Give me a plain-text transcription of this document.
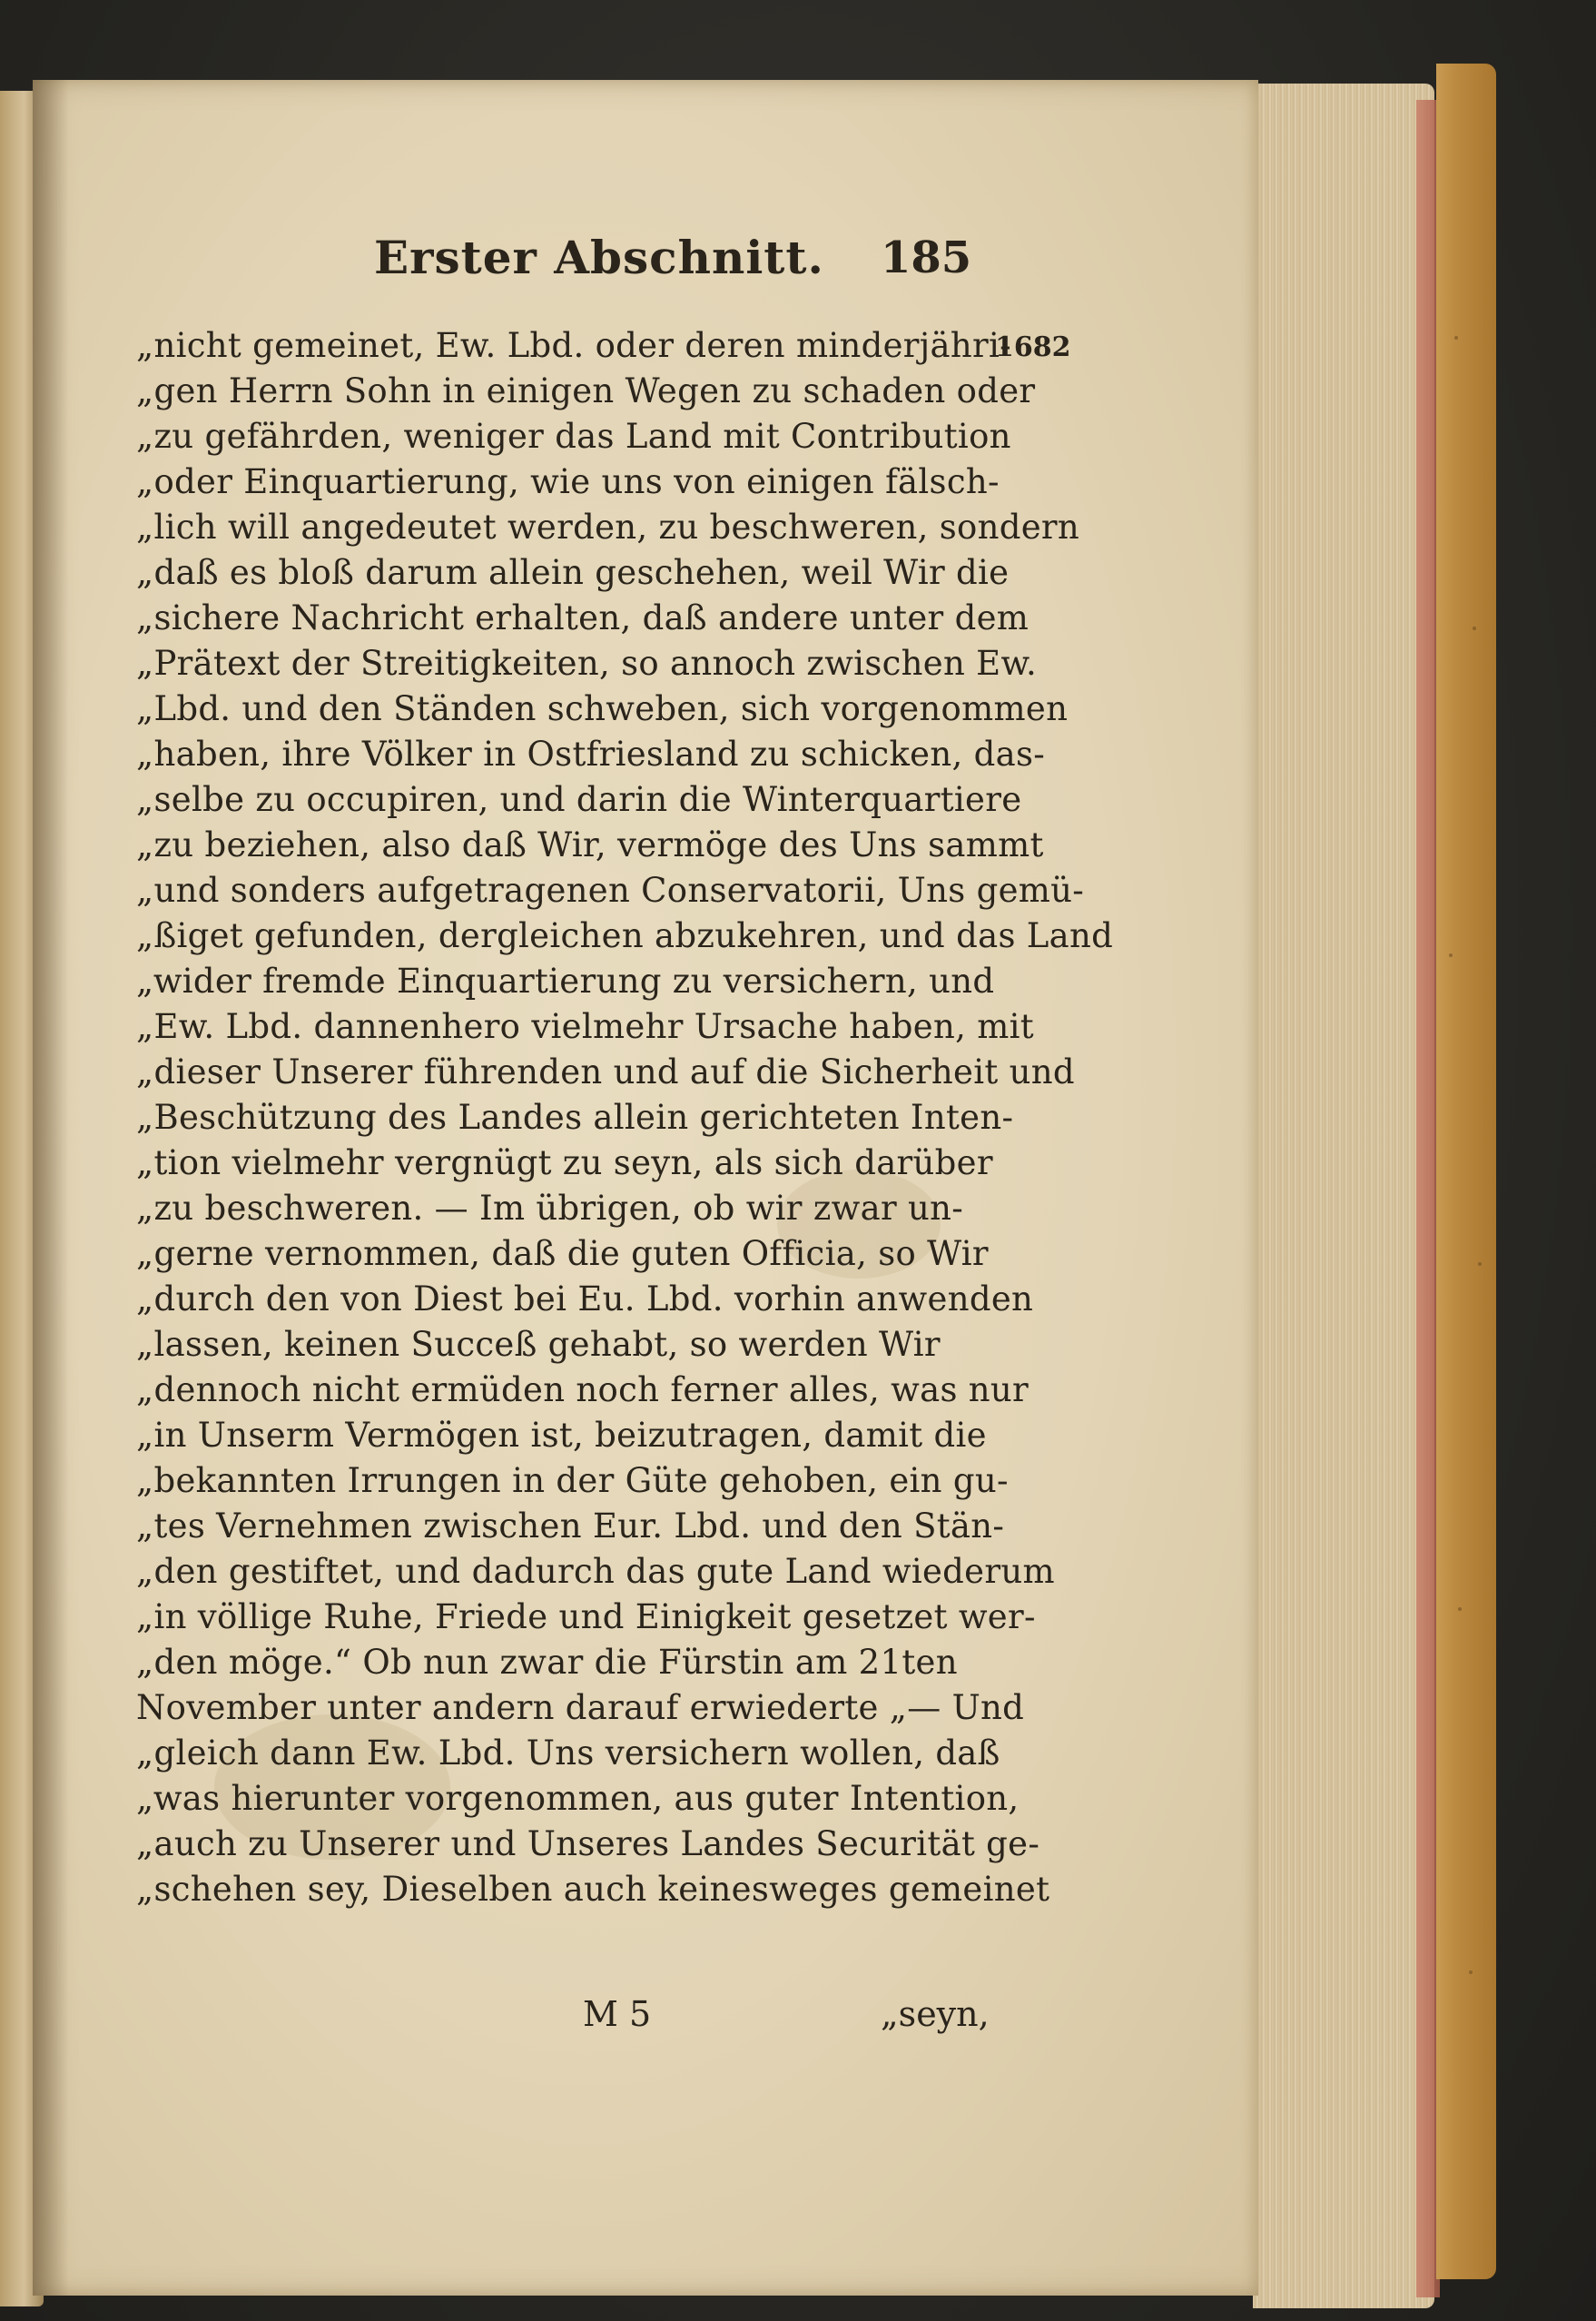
Erster Abschnitt. 185
1682
„nicht gemeinet, Ew. Lbd. oder deren minderjähri-
„gen Herrn Sohn in einigen Wegen zu schaden oder
„zu gefährden, weniger das Land mit Contribution
„oder Einquartierung, wie uns von einigen fälsch-
„lich will angedeutet werden, zu beschweren, sondern
„daß es bloß darum allein geschehen, weil Wir die
„sichere Nachricht erhalten, daß andere unter dem
„Prätext der Streitigkeiten, so annoch zwischen Ew.
„Lbd. und den Ständen schweben, sich vorgenommen
„haben, ihre Völker in Ostfriesland zu schicken, das-
„selbe zu occupiren, und darin die Winterquartiere
„zu beziehen, also daß Wir, vermöge des Uns sammt
„und sonders aufgetragenen Conservatorii, Uns gemü-
„ßiget gefunden, dergleichen abzukehren, und das Land
„wider fremde Einquartierung zu versichern, und
„Ew. Lbd. dannenhero vielmehr Ursache haben, mit
„dieser Unserer führenden und auf die Sicherheit und
„Beschützung des Landes allein gerichteten Inten-
„tion vielmehr vergnügt zu seyn, als sich darüber
„zu beschweren. — Im übrigen, ob wir zwar un-
„gerne vernommen, daß die guten Officia, so Wir
„durch den von Diest bei Eu. Lbd. vorhin anwenden
„lassen, keinen Succeß gehabt, so werden Wir
„dennoch nicht ermüden noch ferner alles, was nur
„in Unserm Vermögen ist, beizutragen, damit die
„bekannten Irrungen in der Güte gehoben, ein gu-
„tes Vernehmen zwischen Eur. Lbd. und den Stän-
„den gestiftet, und dadurch das gute Land wiederum
„in völlige Ruhe, Friede und Einigkeit gesetzet wer-
„den möge.“ Ob nun zwar die Fürstin am 21ten
November unter andern darauf erwiederte „— Und
„gleich dann Ew. Lbd. Uns versichern wollen, daß
„was hierunter vorgenommen, aus guter Intention,
„auch zu Unserer und Unseres Landes Securität ge-
„schehen sey, Dieselben auch keinesweges gemeinet
M 5	„seyn,
